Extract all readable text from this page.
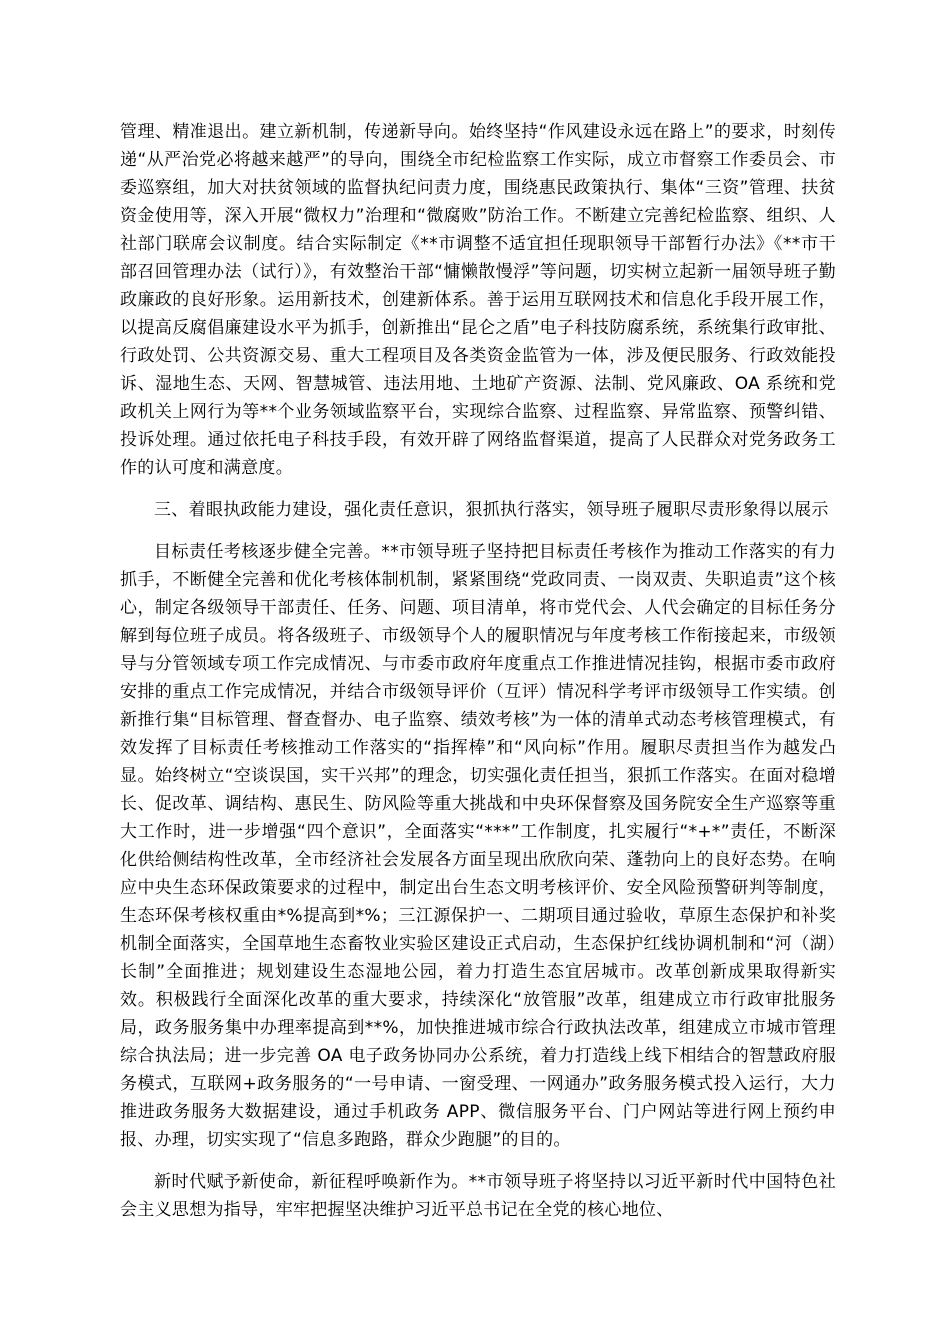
管理、精准退出。建立新机制，传递新导向。始终坚持“作风建设永远在路上”的要求，时刻传递“从严治党必将越来越严”的导向，围绕全市纪检监察工作实际，成立市督察工作委员会、市委巡察组，加大对扶贫领域的监督执纪问责力度，围绕惠民政策执行、集体“三资”管理、扶贫资金使用等，深入开展“微权力”治理和“微腐败”防治工作。不断建立完善纪检监察、组织、人社部门联席会议制度。结合实际制定《**市调整不适宜担任现职领导干部暂行办法》《**市干部召回管理办法（试行）》，有效整治干部“慵懒散慢浮”等问题，切实树立起新一届领导班子勤政廉政的良好形象。运用新技术，创建新体系。善于运用互联网技术和信息化手段开展工作，以提高反腐倡廉建设水平为抓手，创新推出“昆仑之盾”电子科技防腐系统，系统集行政审批、行政处罚、公共资源交易、重大工程项目及各类资金监管为一体，涉及便民服务、行政效能投诉、湿地生态、天网、智慧城管、违法用地、土地矿产资源、法制、党风廉政、OA 系统和党政机关上网行为等**个业务领域监察平台，实现综合监察、过程监察、异常监察、预警纠错、投诉处理。通过依托电子科技手段，有效开辟了网络监督渠道，提高了人民群众对党务政务工作的认可度和满意度。

三、着眼执政能力建设，强化责任意识，狠抓执行落实，领导班子履职尽责形象得以展示

目标责任考核逐步健全完善。**市领导班子坚持把目标责任考核作为推动工作落实的有力抓手，不断健全完善和优化考核体制机制，紧紧围绕“党政同责、一岗双责、失职追责”这个核心，制定各级领导干部责任、任务、问题、项目清单，将市党代会、人代会确定的目标任务分解到每位班子成员。将各级班子、市级领导个人的履职情况与年度考核工作衔接起来，市级领导与分管领域专项工作完成情况、与市委市政府年度重点工作推进情况挂钩，根据市委市政府安排的重点工作完成情况，并结合市级领导评价（互评）情况科学考评市级领导工作实绩。创新推行集“目标管理、督查督办、电子监察、绩效考核”为一体的清单式动态考核管理模式，有效发挥了目标责任考核推动工作落实的“指挥棒”和“风向标”作用。履职尽责担当作为越发凸显。始终树立“空谈误国，实干兴邦”的理念，切实强化责任担当，狠抓工作落实。在面对稳增长、促改革、调结构、惠民生、防风险等重大挑战和中央环保督察及国务院安全生产巡察等重大工作时，进一步增强“四个意识”，全面落实“***”工作制度，扎实履行“*+*”责任，不断深化供给侧结构性改革，全市经济社会发展各方面呈现出欣欣向荣、蓬勃向上的良好态势。在响应中央生态环保政策要求的过程中，制定出台生态文明考核评价、安全风险预警研判等制度，生态环保考核权重由*%提高到*%；三江源保护一、二期项目通过验收，草原生态保护和补奖机制全面落实，全国草地生态畜牧业实验区建设正式启动，生态保护红线协调机制和“河（湖）长制”全面推进；规划建设生态湿地公园，着力打造生态宜居城市。改革创新成果取得新实效。积极践行全面深化改革的重大要求，持续深化“放管服”改革，组建成立市行政审批服务局，政务服务集中办理率提高到**%，加快推进城市综合行政执法改革，组建成立市城市管理综合执法局；进一步完善 OA 电子政务协同办公系统，着力打造线上线下相结合的智慧政府服务模式，互联网+政务服务的“一号申请、一窗受理、一网通办”政务服务模式投入运行，大力推进政务服务大数据建设，通过手机政务 APP、微信服务平台、门户网站等进行网上预约申报、办理，切实实现了“信息多跑路，群众少跑腿”的目的。

新时代赋予新使命，新征程呼唤新作为。**市领导班子将坚持以习近平新时代中国特色社会主义思想为指导，牢牢把握坚决维护习近平总书记在全党的核心地位、
